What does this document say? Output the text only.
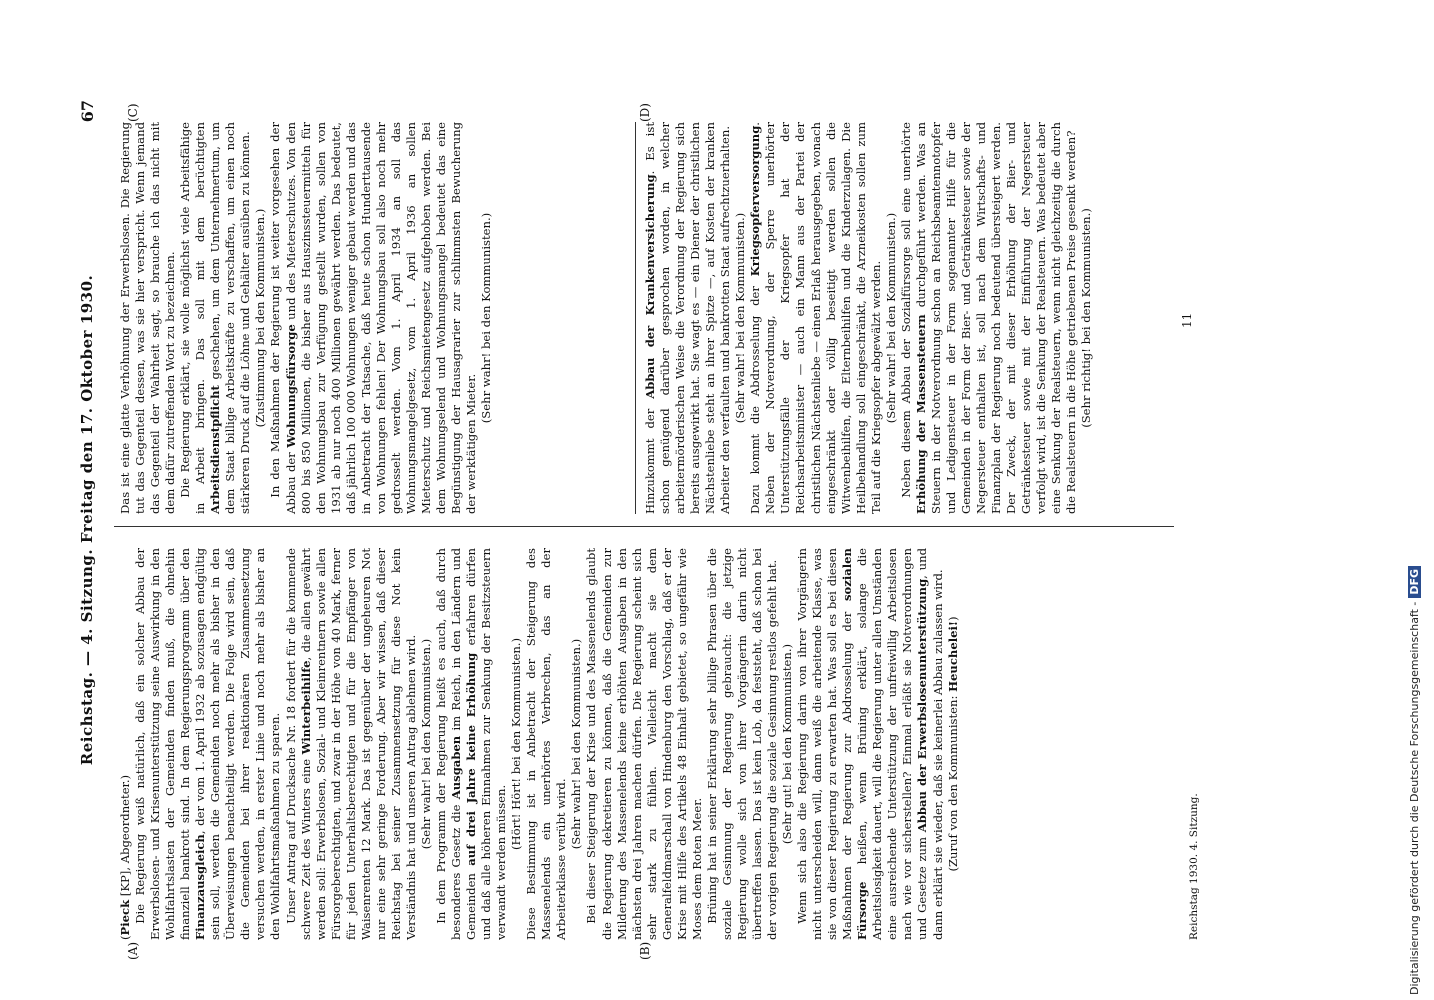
Reichstag. — 4. Sitzung. Freitag den 17. Oktober 1930.
67
(A)	(B)
(C)	(D)

(Pieck [KP], Abgeordneter.) Die Regierung weiß natürlich, daß ein solcher Abbau der Erwerbslosen- und Krisenunterstützung seine Auswirkung in den Wohlfahrtslasten der Gemeinden finden muß, die ohnehin finanziell bankrott sind. In dem Regierungsprogramm über den Finanzausgleich, der vom 1. April 1932 ab sozusagen endgültig sein soll, werden die Gemeinden noch mehr als bisher in den Überweisungen benachteiligt werden. Die Folge wird sein, daß die Gemeinden bei ihrer reaktionären Zusammensetzung versuchen werden, in erster Linie und noch mehr als bisher an den Wohlfahrtsmaßnahmen zu sparen. Unser Antrag auf Drucksache Nr. 18 fordert für die kommende schwere Zeit des Winters eine Winterbeihilfe, die allen gewährt werden soll: Erwerbslosen, Sozial- und Kleinrentnern sowie allen Fürsorgeberechtigten, und zwar in der Höhe von 40 Mark, ferner für jeden Unterhaltsberechtigten und für die Empfänger von Waisenrenten 12 Mark. Das ist gegenüber der ungeheuren Not nur eine sehr geringe Forderung. Aber wir wissen, daß dieser Reichstag bei seiner Zusammensetzung für diese Not kein Verständnis hat und unseren Antrag ablehnen wird. (Sehr wahr! bei den Kommunisten.) In dem Programm der Regierung heißt es auch, daß durch besonderes Gesetz die Ausgaben im Reich, in den Ländern und Gemeinden auf drei Jahre keine Erhöhung erfahren dürfen und daß alle höheren Einnahmen zur Senkung der Besitzsteuern verwandt werden müssen.

(Hört! Hört! bei den Kommunisten.) Diese Bestimmung ist in Anbetracht der Steigerung des Massenelends ein unerhörtes Verbrechen, das an der Arbeiterklasse verübt wird.

(Sehr wahr! bei den Kommunisten.) Bei dieser Steigerung der Krise und des Massenelends glaubt die Regierung dekretieren zu können, daß die Gemeinden zur Milderung des Massenelends keine erhöhten Ausgaben in den nächsten drei Jahren machen dürfen. Die Regierung scheint sich sehr stark zu fühlen. Vielleicht macht sie dem Generalfeldmarschall von Hindenburg den Vorschlag, daß er der Krise mit Hilfe des Artikels 48 Einhalt gebietet, so ungefähr wie Moses dem Roten Meer. Brüning hat in seiner Erklärung sehr billige Phrasen über die soziale Gesinnung der Regierung gebraucht: die jetzige Regierung wolle sich von ihrer Vorgängerin darin nicht übertreffen lassen. Das ist kein Lob, da feststeht, daß schon bei der vorigen Regierung die soziale Gesinnung restlos gefehlt hat. (Sehr gut! bei den Kommunisten.) Wenn sich also die Regierung darin von ihrer Vorgängerin nicht unterscheiden will, dann weiß die arbeitende Klasse, was sie von dieser Regierung zu erwarten hat. Was soll es bei diesen Maßnahmen der Regierung zur Abdrosselung der sozialen Fürsorge heißen, wenn Brüning erklärt, solange die Arbeitslosigkeit dauert, will die Regierung unter allen Umständen eine ausreichende Unterstützung der unfreiwillig Arbeitslosen nach wie vor sicherstellen? Einmal erläßt sie Notverordnungen und Gesetze zum Abbau der Erwerbslosenunterstützung, und dann erklärt sie wieder, daß sie keinerlei Abbau zulassen wird. (Zuruf von den Kommunisten: Heuchelei!)

Das ist eine glatte Verhöhnung der Erwerbslosen. Die Regierung tut das Gegenteil dessen, was sie hier verspricht. Wenn jemand das Gegenteil der Wahrheit sagt, so brauche ich das nicht mit dem dafür zutreffenden Wort zu bezeichnen. Die Regierung erklärt, sie wolle möglichst viele Arbeitsfähige in Arbeit bringen. Das soll mit dem berüchtigten Arbeitsdienstpflicht geschehen, um dem Unternehmertum, um dem Staat billige Arbeitskräfte zu verschaffen, um einen noch stärkeren Druck auf die Löhne und Gehälter ausüben zu können. (Zustimmung bei den Kommunisten.) In den Maßnahmen der Regierung ist weiter vorgesehen der Abbau der Wohnungsfürsorge und des Mieterschutzes. Von den 800 bis 850 Millionen, die bisher aus Hauszinssteuermitteln für den Wohnungsbau zur Verfügung gestellt wurden, sollen von 1931 ab nur noch 400 Millionen gewährt werden. Das bedeutet, daß jährlich 100 000 Wohnungen weniger gebaut werden und das in Anbetracht der Tatsache, daß heute schon Hunderttausende von Wohnungen fehlen! Der Wohnungsbau soll also noch mehr gedrosselt werden. Vom 1. April 1934 an soll das Wohnungsmangelgesetz, vom 1. April 1936 an sollen Mieterschutz und Reichsmietengesetz aufgehoben werden. Bei dem Wohnungselend und Wohnungsmangel bedeutet das eine Begünstigung der Hausagrarier zur schlimmsten Bewucherung der werktätigen Mieter.

(Sehr wahr! bei den Kommunisten.)

Hinzukommt der Abbau der Krankenversicherung. Es ist schon genügend darüber gesprochen worden, in welcher arbeitermörderischen Weise die Verordnung der Regierung sich bereits ausgewirkt hat. Sie wagt es — ein Diener der christlichen Nächstenliebe steht an ihrer Spitze —, auf Kosten der kranken Arbeiter den verfaulten und bankrotten Staat aufrechtzuerhalten. (Sehr wahr! bei den Kommunisten.) Dazu kommt die Abdrosselung der Kriegsopferversorgung. Neben der Notverordnung, der Sperre unerhörter Unterstützungsfälle der Kriegsopfer hat der Reichsarbeitsminister — auch ein Mann aus der Partei der christlichen Nächstenliebe — einen Erlaß herausgegeben, wonach eingeschränkt oder völlig beseitigt werden sollen die Witwenbeihilfen, die Elternbeihilfen und die Kinderzulagen. Die Heilbehandlung soll eingeschränkt, die Arzneikosten sollen zum Teil auf die Kriegsopfer abgewälzt werden. (Sehr wahr! bei den Kommunisten.) Neben diesem Abbau der Sozialfürsorge soll eine unerhörte Erhöhung der Massensteuern durchgeführt werden. Was an Steuern in der Notverordnung schon an Reichsbeamtennotopfer und Ledigensteuer in der Form sogenannter Hilfe für die Gemeinden in der Form der Bier- und Getränkesteuer sowie der Negersteuer enthalten ist, soll nach dem Wirtschafts- und Finanzplan der Regierung noch bedeutend übersteigert werden. Der Zweck, der mit dieser Erhöhung der Bier- und Getränkesteuer sowie mit der Einführung der Negersteuer verfolgt wird, ist die Senkung der Realsteuern. Was bedeutet aber eine Senkung der Realsteuern, wenn nicht gleichzeitig die durch die Realsteuern in die Höhe getriebenen Preise gesenkt werden? (Sehr richtig! bei den Kommunisten.)

Reichstag 1930. 4. Sitzung.
11
Digitalisierung gefördert durch die Deutsche Forschungsgemeinschaft -DFG
